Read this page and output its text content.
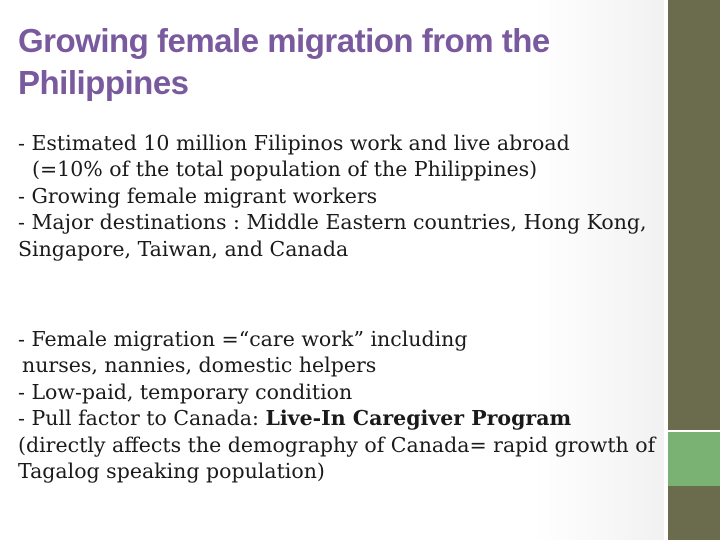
Growing female migration from the Philippines
- Estimated 10 million Filipinos work and live abroad
(=10% of the total population of the Philippines)
- Growing female migrant workers
- Major destinations : Middle Eastern countries, Hong Kong, Singapore, Taiwan, and Canada
- Female migration =“care work” including
nurses, nannies, domestic helpers
- Low-paid, temporary condition
- Pull factor to Canada: Live-In Caregiver Program
(directly affects the demography of Canada= rapid growth of Tagalog speaking population)
